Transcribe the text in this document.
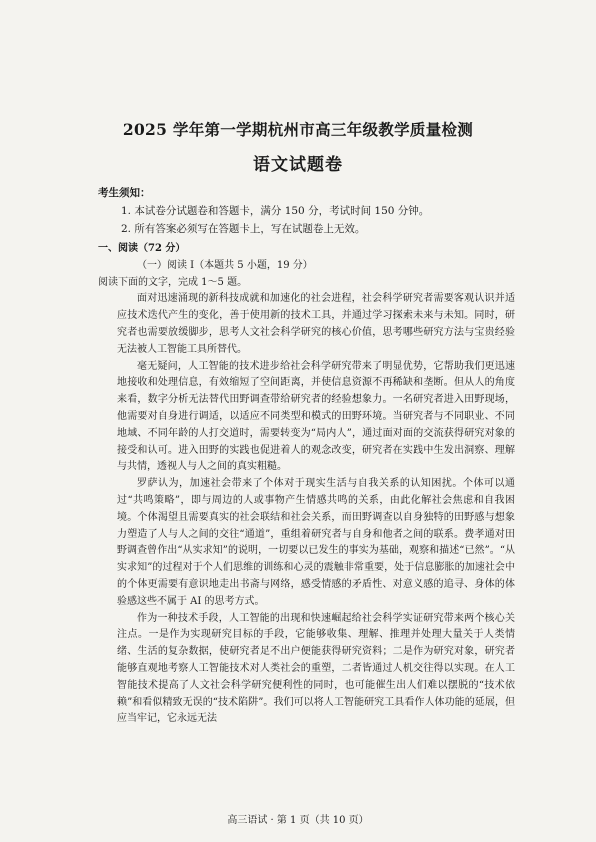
2025 学年第一学期杭州市高三年级教学质量检测
语文试题卷
考生须知：
1. 本试卷分试题卷和答题卡，满分 150 分，考试时间 150 分钟。
2. 所有答案必须写在答题卡上，写在试题卷上无效。
一、阅读（72 分）
（一）阅读 I（本题共 5 小题，19 分）
阅读下面的文字，完成 1～5 题。

面对迅速涌现的新科技成就和加速化的社会进程，社会科学研究者需要客观认识并适应技术迭代产生的变化，善于使用新的技术工具，并通过学习探索未来与未知。同时，研究者也需要放缓脚步，思考人文社会科学研究的核心价值，思考哪些研究方法与宝贵经验无法被人工智能工具所替代。

毫无疑问，人工智能的技术进步给社会科学研究带来了明显优势，它帮助我们更迅速地接收和处理信息，有效缩短了空间距离，并使信息资源不再稀缺和垄断。但从人的角度来看，数字分析无法替代田野调查带给研究者的经验想象力。一名研究者进入田野现场，他需要对自身进行调适，以适应不同类型和模式的田野环境。当研究者与不同职业、不同地域、不同年龄的人打交道时，需要转变为“局内人”，通过面对面的交流获得研究对象的接受和认可。进入田野的实践也促进着人的观念改变，研究者在实践中生发出洞察、理解与共情，透视人与人之间的真实粗糙。

罗萨认为，加速社会带来了个体对于现实生活与自我关系的认知困扰。个体可以通过“共鸣策略”，即与周边的人或事物产生情感共鸣的关系，由此化解社会焦虑和自我困境。个体渴望且需要真实的社会联结和社会关系，而田野调查以自身独特的田野感与想象力塑造了人与人之间的交往“通道”，重组着研究者与自身和他者之间的联系。费孝通对田野调查曾作出“从实求知”的说明，一切要以已发生的事实为基础，观察和描述“已然”。“从实求知”的过程对于个人们思维的训练和心灵的震触非常重要，处于信息膨胀的加速社会中的个体更需要有意识地走出书斋与网络，感受情感的矛盾性、对意义感的追寻、身体的体验感这些不属于 AI 的思考方式。

作为一种技术手段，人工智能的出现和快速崛起给社会科学实证研究带来两个核心关注点。一是作为实现研究目标的手段，它能够收集、理解、推理并处理大量关于人类情绪、生活的复杂数据，使研究者足不出户便能获得研究资料；二是作为研究对象，研究者能够直观地考察人工智能技术对人类社会的重塑，二者皆通过人机交往得以实现。在人工智能技术提高了人文社会科学研究便利性的同时，也可能催生出人们难以摆脱的“技术依赖”和看似精致无误的“技术陷阱”。我们可以将人工智能研究工具看作人体功能的延展，但应当牢记，它永远无法

高三语试 · 第 1 页（共 10 页）
